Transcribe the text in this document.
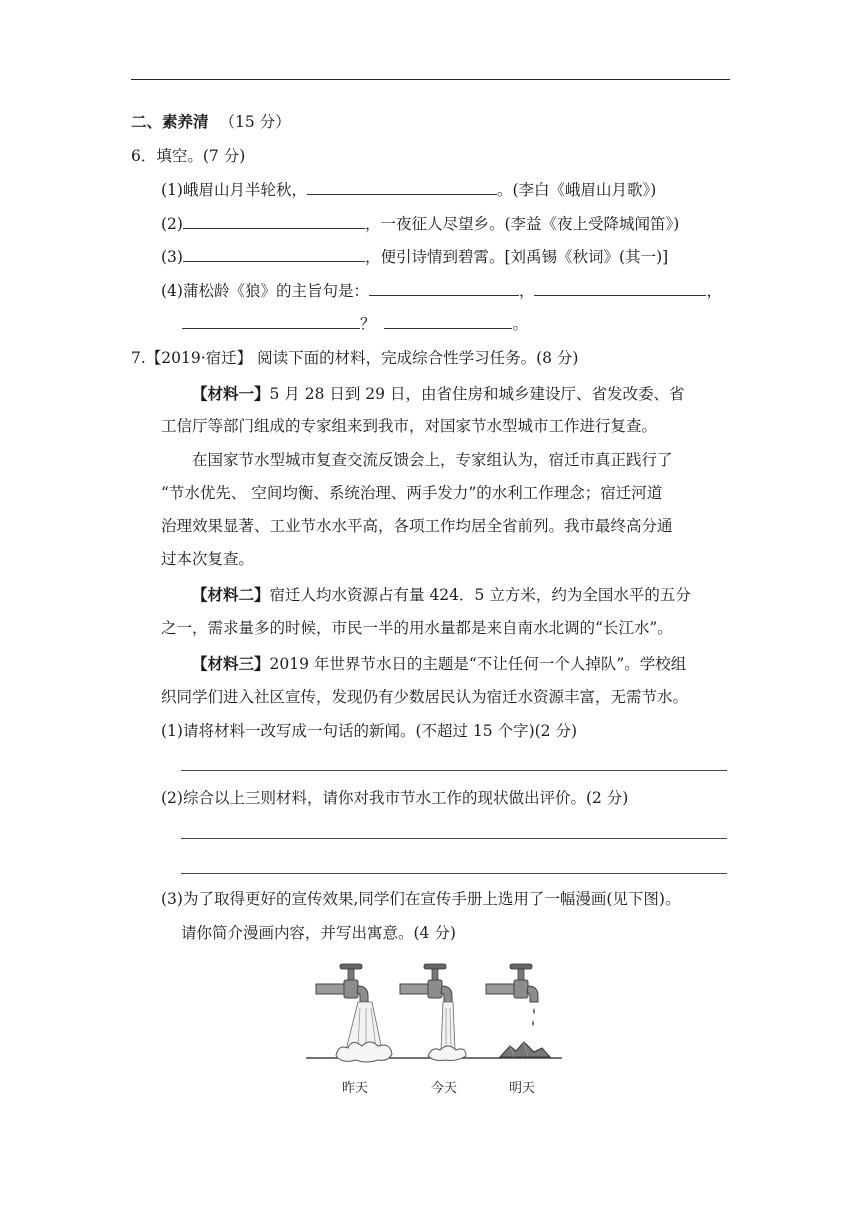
二、素养清 （15 分）
6．填空。(7 分)
(1)峨眉山月半轮秋，	。(李白《峨眉山月歌》)
(2)	，一夜征人尽望乡。(李益《夜上受降城闻笛》)
(3)	，便引诗情到碧霄。[刘禹锡《秋词》(其一)]
(4)蒲松龄《狼》的主旨句是：	，	，
？	。
7.【2019·宿迁】 阅读下面的材料，完成综合性学习任务。(8 分)
【材料一】5 月 28 日到 29 日，由省住房和城乡建设厅、省发改委、省
工信厅等部门组成的专家组来到我市，对国家节水型城市工作进行复查。
在国家节水型城市复查交流反馈会上，专家组认为，宿迁市真正践行了
“节水优先、 空间均衡、系统治理、两手发力”的水利工作理念；宿迁河道
治理效果显著、工业节水水平高，各项工作均居全省前列。我市最终高分通
过本次复查。
【材料二】宿迁人均水资源占有量 424．5 立方米，约为全国水平的五分
之一，需求量多的时候，市民一半的用水量都是来自南水北调的“长江水”。
【材料三】2019 年世界节水日的主题是“不让任何一个人掉队”。学校组
织同学们进入社区宣传，发现仍有少数居民认为宿迁水资源丰富，无需节水。
(1)请将材料一改写成一句话的新闻。(不超过 15 个字)(2 分)
(2)综合以上三则材料，请你对我市节水工作的现状做出评价。(2 分)
(3)为了取得更好的宣传效果,同学们在宣传手册上选用了一幅漫画(见下图)。
请你简介漫画内容，并写出寓意。(4 分)
昨天	今天	明天
